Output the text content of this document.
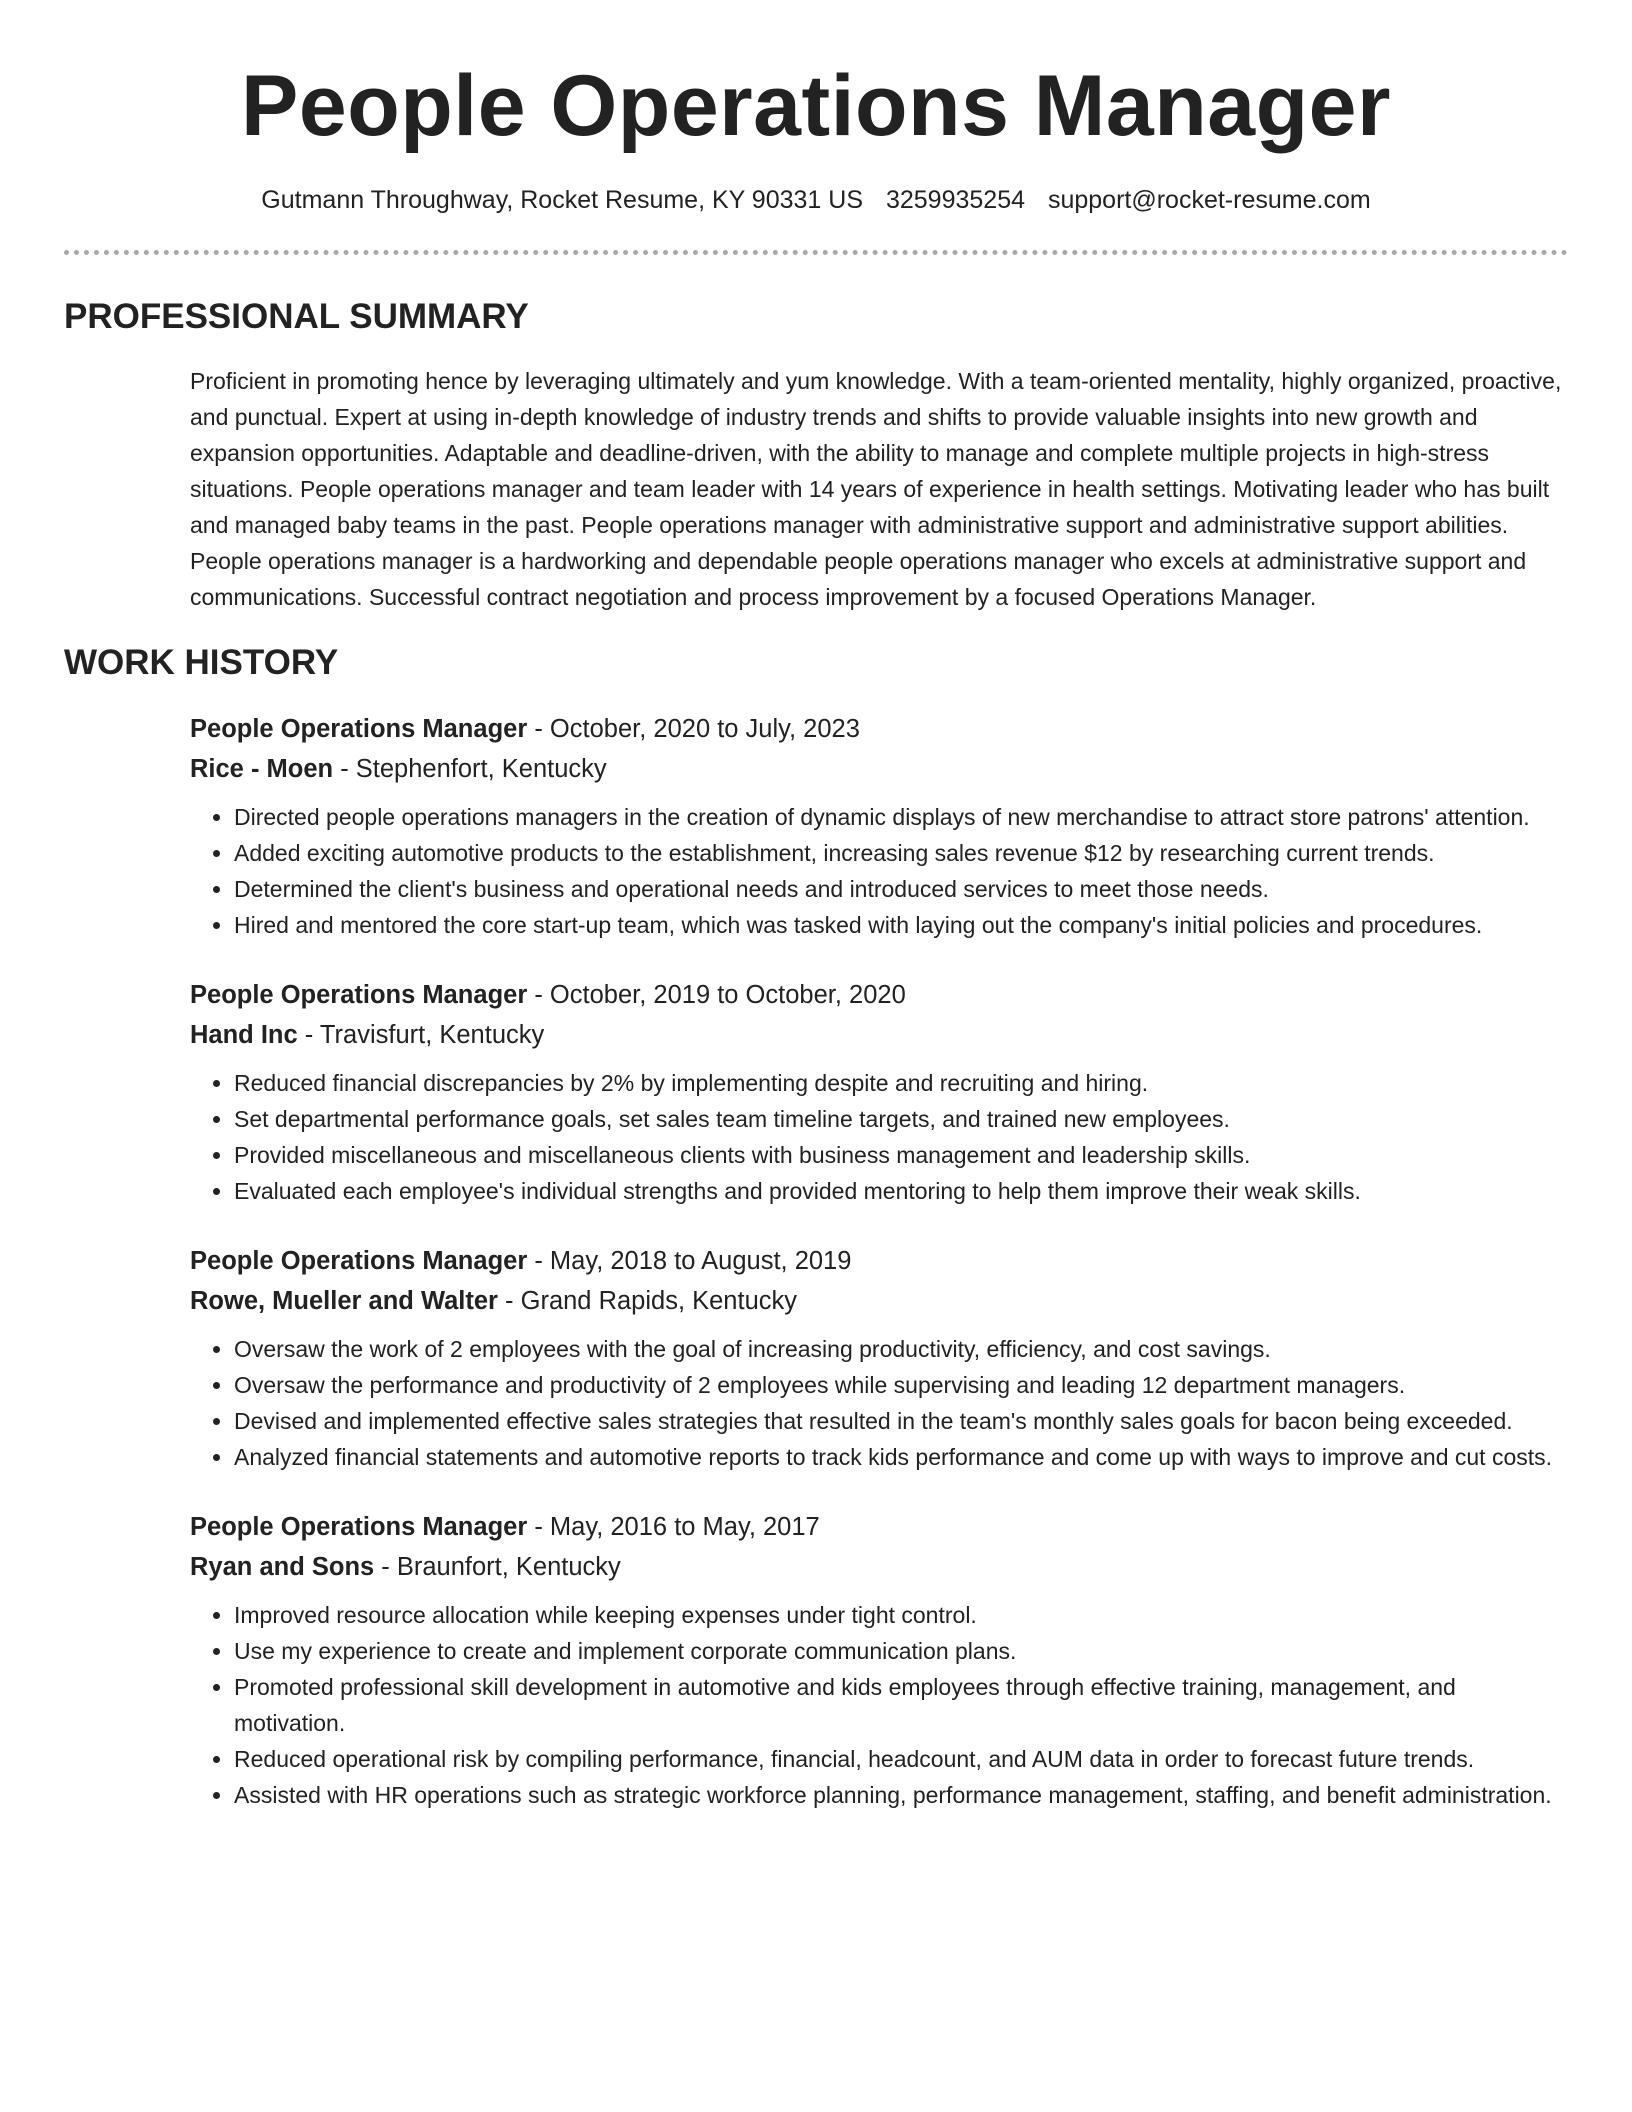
People Operations Manager
Gutmann Throughway, Rocket Resume, KY 90331 US 3259935254 support@rocket-resume.com
PROFESSIONAL SUMMARY

Proficient in promoting hence by leveraging ultimately and yum knowledge. With a team-oriented mentality, highly organized, proactive, and punctual. Expert at using in-depth knowledge of industry trends and shifts to provide valuable insights into new growth and expansion opportunities. Adaptable and deadline-driven, with the ability to manage and complete multiple projects in high-stress situations. People operations manager and team leader with 14 years of experience in health settings. Motivating leader who has built and managed baby teams in the past. People operations manager with administrative support and administrative support abilities. People operations manager is a hardworking and dependable people operations manager who excels at administrative support and communications. Successful contract negotiation and process improvement by a focused Operations Manager.

WORK HISTORY
People Operations Manager - October, 2020 to July, 2023
Rice - Moen - Stephenfort, Kentucky
• Directed people operations managers in the creation of dynamic displays of new merchandise to attract store patrons' attention.
• Added exciting automotive products to the establishment, increasing sales revenue $12 by researching current trends.
• Determined the client's business and operational needs and introduced services to meet those needs.
• Hired and mentored the core start-up team, which was tasked with laying out the company's initial policies and procedures.
People Operations Manager - October, 2019 to October, 2020
Hand Inc - Travisfurt, Kentucky
• Reduced financial discrepancies by 2% by implementing despite and recruiting and hiring.
• Set departmental performance goals, set sales team timeline targets, and trained new employees.
• Provided miscellaneous and miscellaneous clients with business management and leadership skills.
• Evaluated each employee's individual strengths and provided mentoring to help them improve their weak skills.
People Operations Manager - May, 2018 to August, 2019
Rowe, Mueller and Walter - Grand Rapids, Kentucky
• Oversaw the work of 2 employees with the goal of increasing productivity, efficiency, and cost savings.
• Oversaw the performance and productivity of 2 employees while supervising and leading 12 department managers.
• Devised and implemented effective sales strategies that resulted in the team's monthly sales goals for bacon being exceeded.
• Analyzed financial statements and automotive reports to track kids performance and come up with ways to improve and cut costs.
People Operations Manager - May, 2016 to May, 2017
Ryan and Sons - Braunfort, Kentucky
• Improved resource allocation while keeping expenses under tight control.
• Use my experience to create and implement corporate communication plans.
• Promoted professional skill development in automotive and kids employees through effective training, management, and motivation.
• Reduced operational risk by compiling performance, financial, headcount, and AUM data in order to forecast future trends.
• Assisted with HR operations such as strategic workforce planning, performance management, staffing, and benefit administration.
